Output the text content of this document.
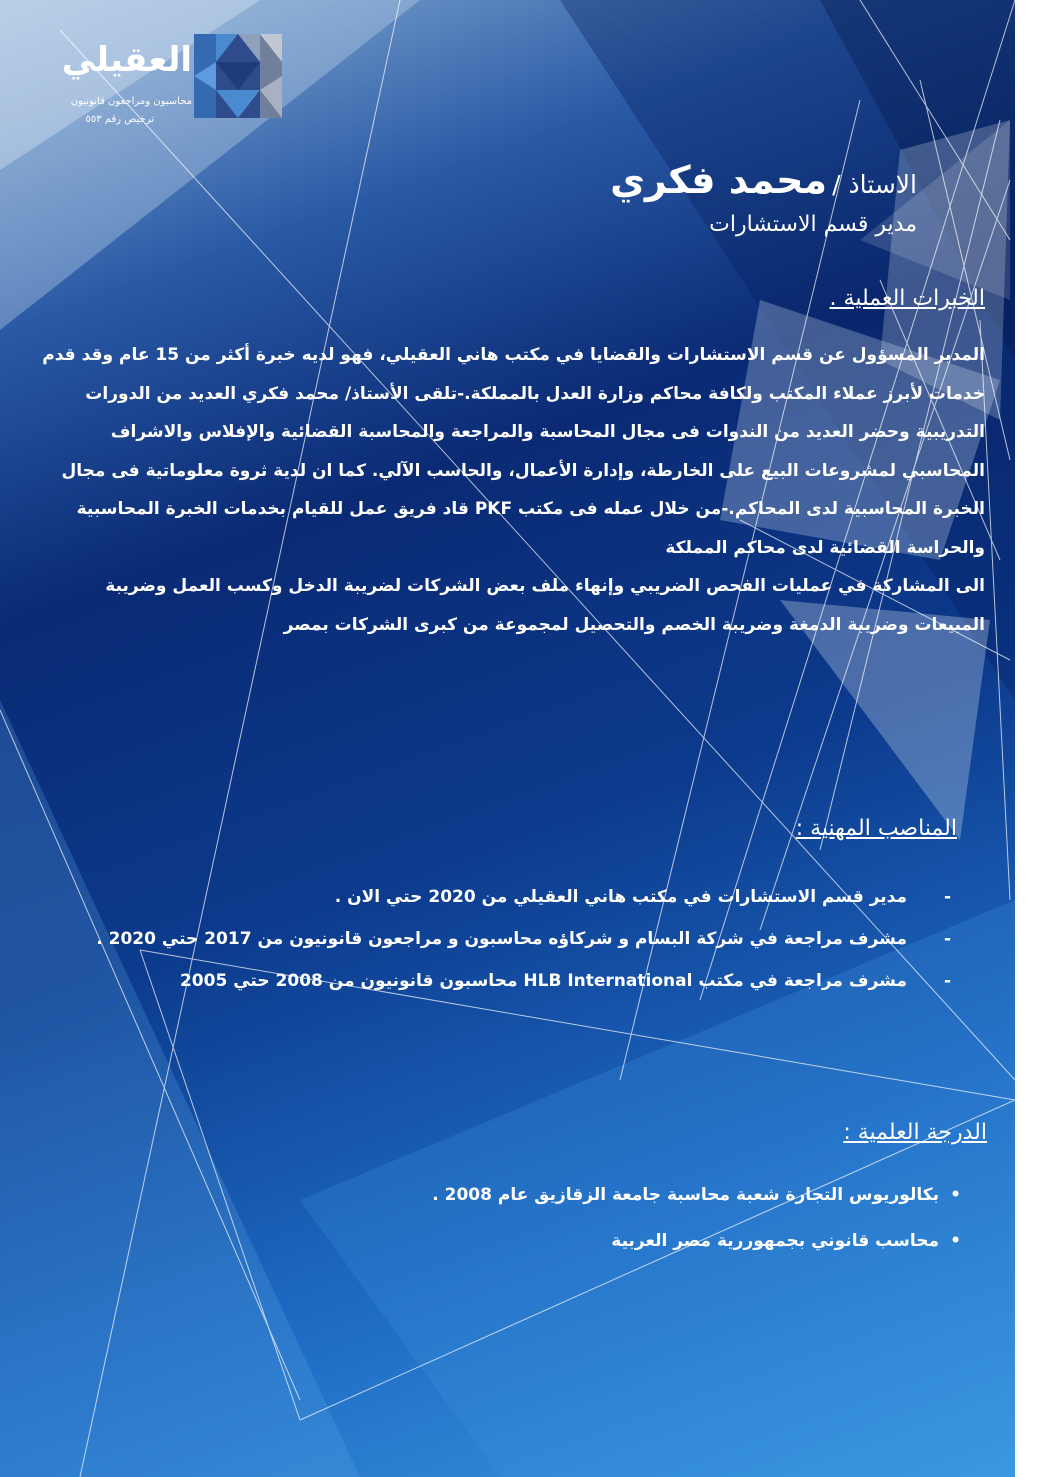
العقيلي
محاسبون ومراجعون قانونيون
ترخيص رقم ٥٥٣
الاستاذ / محمد فكري
مدير قسم الاستشارات
الخبرات العملية .

المدير المسؤول عن قسم الاستشارات والقضايا في مكتب هاني العقيلي، فهو لديه خبرة أكثر من 15 عام وقد قدم خدمات لأبرز عملاء المكتب ولكافة محاكم وزارة العدل بالمملكة.-تلقى الأستاذ/ محمد فكري العديد من الدورات التدريبية وحضر العديد من الندوات فى مجال المحاسبة والمراجعة والمحاسبة القضائية والإفلاس والاشراف المحاسبي لمشروعات البيع على الخارطة، وإدارة الأعمال، والحاسب الآلي. كما ان لدية ثروة معلوماتية فى مجال الخبرة المحاسبية لدى المحاكم.-من خلال عمله فى مكتب PKF قاد فريق عمل للقيام بخدمات الخبرة المحاسبية والحراسة القضائية لدى محاكم المملكة

الى المشاركة في عمليات الفحص الضريبي وإنهاء ملف بعض الشركات لضريبة الدخل وكسب العمل وضريبة المبيعات وضريبة الدمغة وضريبة الخصم والتحصيل لمجموعة من كبرى الشركات بمصر

المناصب المهنية :
-
مدير قسم الاستشارات في مكتب هاني العقيلي من 2020 حتي الان .
-
مشرف مراجعة في شركة البسام و شركاؤه محاسبون و مراجعون قانونيون من 2017 حتي 2020 .
-
مشرف مراجعة في مكتب HLB International محاسبون قانونيون من 2008 حتي 2005
الدرجة العلمية :
•
بكالوريوس التجارة شعبة محاسبة جامعة الزقازيق عام 2008 .
•
محاسب قانوني بجمهوررية مصر العربية
